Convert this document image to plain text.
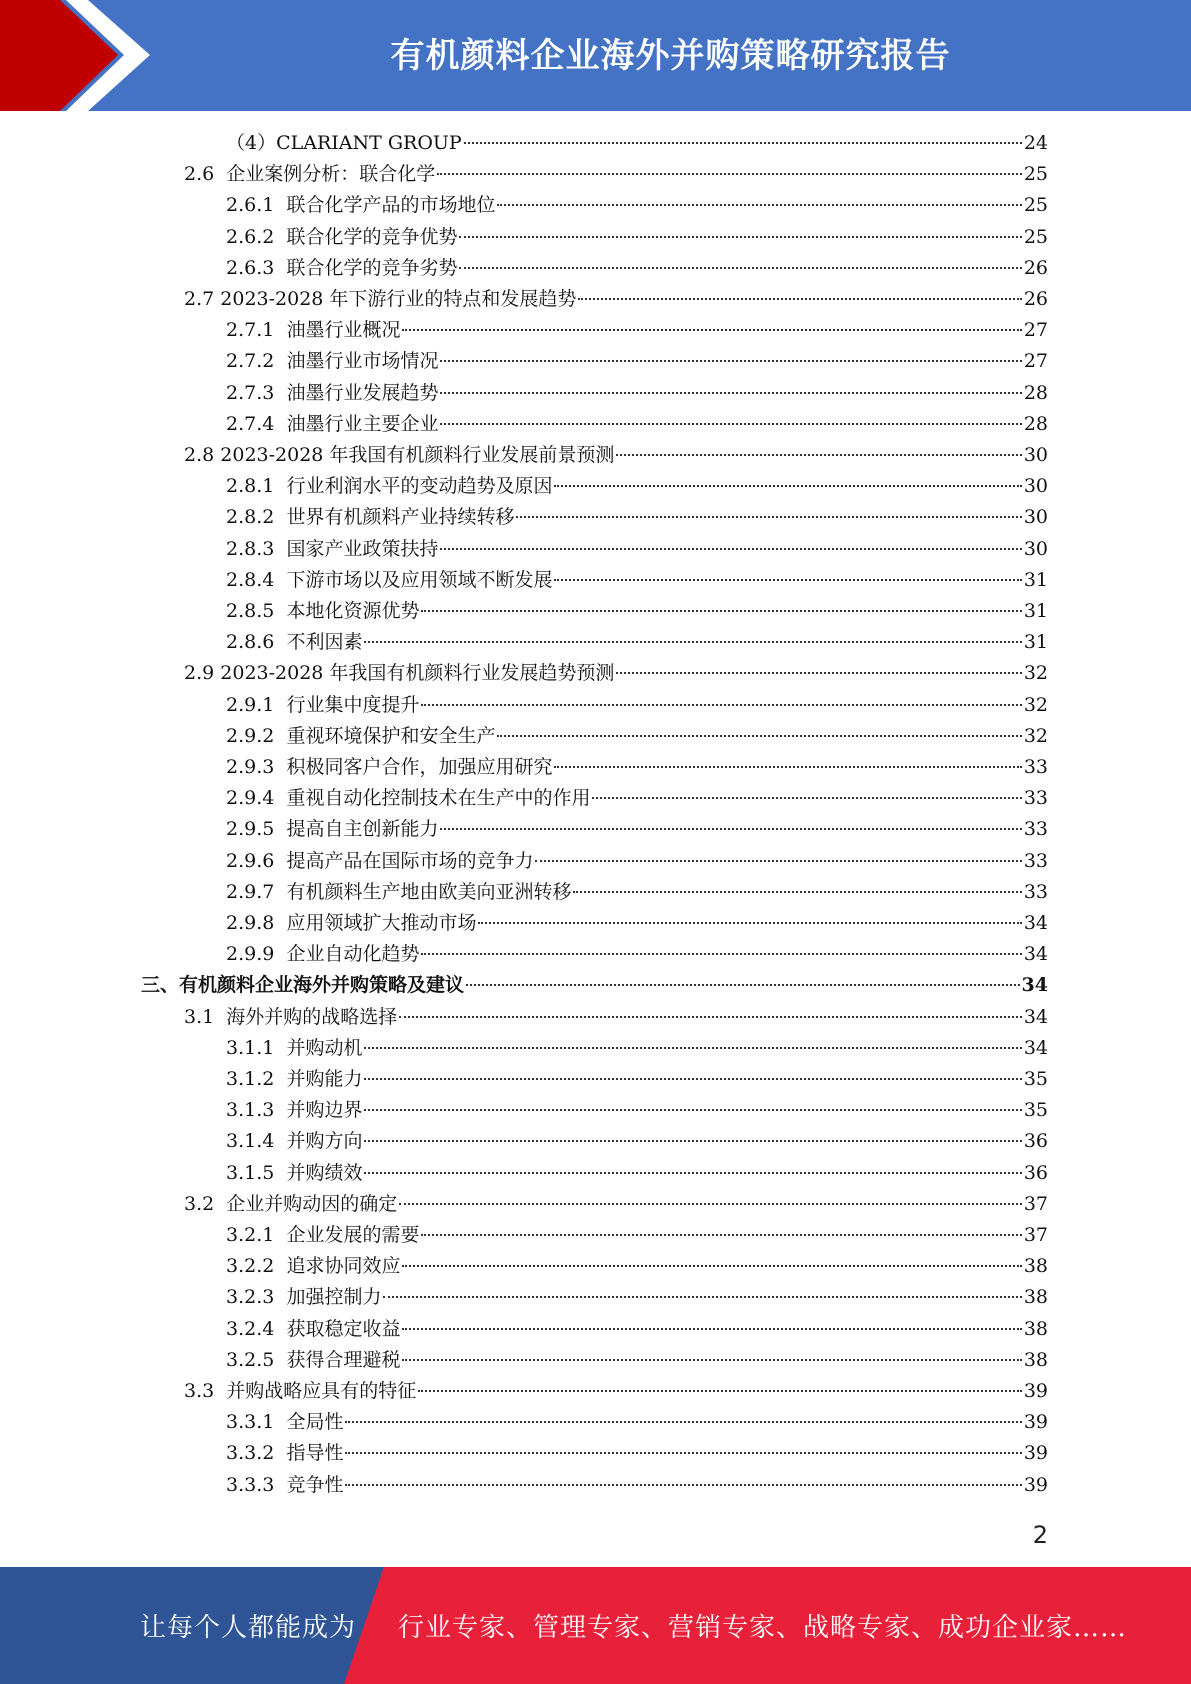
有机颜料企业海外并购策略研究报告
（4） CLARIANT GROUP	24
2.6 企业案例分析：联合化学	25
2.6.1 联合化学产品的市场地位	25
2.6.2 联合化学的竞争优势	25
2.6.3 联合化学的竞争劣势	26
2.7 2023-2028 年下游行业的特点和发展趋势	26
2.7.1 油墨行业概况	27
2.7.2 油墨行业市场情况	27
2.7.3 油墨行业发展趋势	28
2.7.4 油墨行业主要企业	28
2.8 2023-2028 年我国有机颜料行业发展前景预测	30
2.8.1 行业利润水平的变动趋势及原因	30
2.8.2 世界有机颜料产业持续转移	30
2.8.3 国家产业政策扶持	30
2.8.4 下游市场以及应用领域不断发展	31
2.8.5 本地化资源优势	31
2.8.6 不利因素	31
2.9 2023-2028 年我国有机颜料行业发展趋势预测	32
2.9.1 行业集中度提升	32
2.9.2 重视环境保护和安全生产	32
2.9.3 积极同客户合作，加强应用研究	33
2.9.4 重视自动化控制技术在生产中的作用	33
2.9.5 提高自主创新能力	33
2.9.6 提高产品在国际市场的竞争力	33
2.9.7 有机颜料生产地由欧美向亚洲转移	33
2.9.8 应用领域扩大推动市场	34
2.9.9 企业自动化趋势	34
三、 有机颜料企业海外并购策略及建议	34
3.1 海外并购的战略选择	34
3.1.1 并购动机	34
3.1.2 并购能力	35
3.1.3 并购边界	35
3.1.4 并购方向	36
3.1.5 并购绩效	36
3.2 企业并购动因的确定	37
3.2.1 企业发展的需要	37
3.2.2 追求协同效应	38
3.2.3 加强控制力	38
3.2.4 获取稳定收益	38
3.2.5 获得合理避税	38
3.3 并购战略应具有的特征	39
3.3.1 全局性	39
3.3.2 指导性	39
3.3.3 竞争性	39
2
让每个人都能成为 行业专家、管理专家、营销专家、战略专家、成功企业家……
